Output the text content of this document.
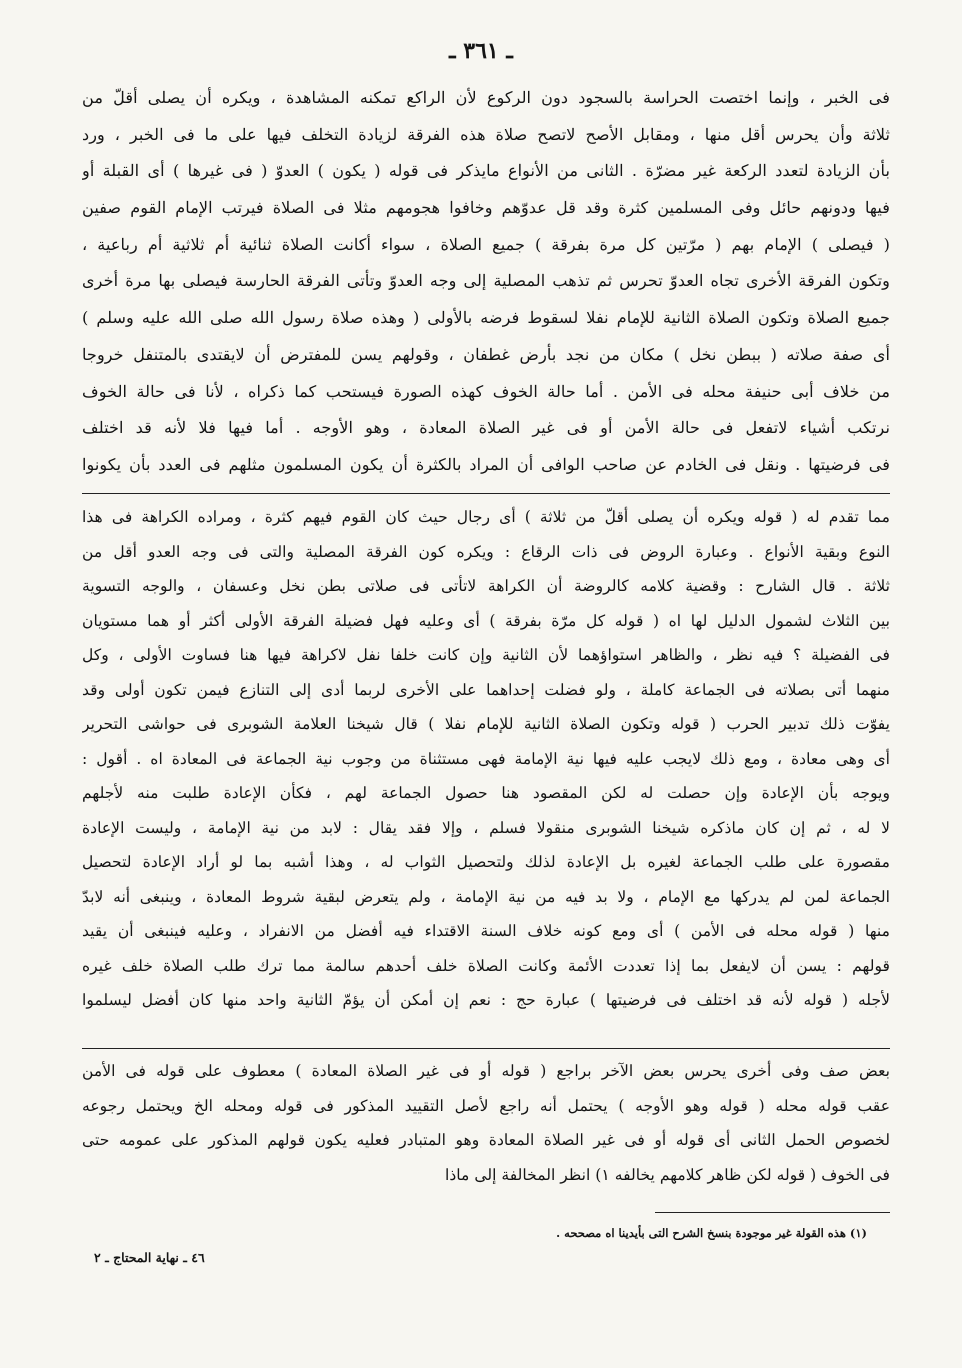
ـ ٣٦١ ـ
فى الخبر ، وإنما اختصت الحراسة بالسجود دون الركوع لأن الراكع تمكنه المشاهدة ، ويكره أن يصلى أقلّ من
ثلاثة وأن يحرس أقل منها ، ومقابل الأصح لاتصح صلاة هذه الفرقة لزيادة التخلف فيها على ما فى الخبر ، ورد
بأن الزيادة لتعدد الركعة غير مضرّة . الثانى من الأنواع مايذكر فى قوله ( يكون ) العدوّ ( فى غيرها ) أى القبلة أو
فيها ودونهم حائل وفى المسلمين كثرة وقد قل عدوّهم وخافوا هجومهم مثلا فى الصلاة فيرتب الإمام القوم صفين
( فيصلى ) الإمام بهم ( مرّتين كل مرة بفرقة ) جميع الصلاة ، سواء أكانت الصلاة ثنائية أم ثلاثية أم رباعية ،
وتكون الفرقة الأخرى تجاه العدوّ تحرس ثم تذهب المصلية إلى وجه العدوّ وتأتى الفرقة الحارسة فيصلى بها مرة أخرى
جميع الصلاة وتكون الصلاة الثانية للإمام نفلا لسقوط فرضه بالأولى ( وهذه صلاة رسول الله صلى الله عليه وسلم )
أى صفة صلاته ( ببطن نخل ) مكان من نجد بأرض غطفان ، وقولهم يسن للمفترض أن لايقتدى بالمتنفل خروجا
من خلاف أبى حنيفة محله فى الأمن . أما حالة الخوف كهذه الصورة فيستحب كما ذكراه ، لأنا فى حالة الخوف
نرتكب أشياء لاتفعل فى حالة الأمن أو فى غير الصلاة المعادة ، وهو الأوجه . أما فيها فلا لأنه قد اختلف
فى فرضيتها . ونقل فى الخادم عن صاحب الوافى أن المراد بالكثرة أن يكون المسلمون مثلهم فى العدد بأن يكونوا
مما تقدم له ( قوله ويكره أن يصلى أقلّ من ثلاثة ) أى رجال حيث كان القوم فيهم كثرة ، ومراده الكراهة فى هذا
النوع وبقية الأنواع . وعبارة الروض فى ذات الرقاع : ويكره كون الفرقة المصلية والتى فى وجه العدو أقل من
ثلاثة . قال الشارح : وقضية كلامه كالروضة أن الكراهة لاتأتى فى صلاتى بطن نخل وعسفان ، والوجه التسوية
بين الثلاث لشمول الدليل لها اه ( قوله كل مرّة بفرقة ) أى وعليه فهل فضيلة الفرقة الأولى أكثر أو هما مستويان
فى الفضيلة ؟ فيه نظر ، والظاهر استواؤهما لأن الثانية وإن كانت خلفا نفل لاكراهة فيها هنا فساوت الأولى ، وكل
منهما أتى بصلاته فى الجماعة كاملة ، ولو فضلت إحداهما على الأخرى لربما أدى إلى التنازع فيمن تكون أولى وقد
يفوّت ذلك تدبير الحرب ( قوله وتكون الصلاة الثانية للإمام نفلا ) قال شيخنا العلامة الشوبرى فى حواشى التحرير
أى وهى معادة ، ومع ذلك لايجب عليه فيها نية الإمامة فهى مستثناة من وجوب نية الجماعة فى المعادة اه . أقول :
ويوجه بأن الإعادة وإن حصلت له لكن المقصود هنا حصول الجماعة لهم ، فكأن الإعادة طلبت منه لأجلهم
لا له ، ثم إن كان ماذكره شيخنا الشوبرى منقولا فسلم ، وإلا فقد يقال : لابد من نية الإمامة ، وليست الإعادة
مقصورة على طلب الجماعة لغيره بل الإعادة لذلك ولتحصيل الثواب له ، وهذا أشبه بما لو أراد الإعادة لتحصيل
الجماعة لمن لم يدركها مع الإمام ، ولا بد فيه من نية الإمامة ، ولم يتعرض لبقية شروط المعادة ، وينبغى أنه لابدّ
منها ( قوله محله فى الأمن ) أى ومع كونه خلاف السنة الاقتداء فيه أفضل من الانفراد ، وعليه فينبغى أن يقيد
قولهم : يسن أن لايفعل بما إذا تعددت الأئمة وكانت الصلاة خلف أحدهم سالمة مما ترك طلب الصلاة خلف غيره
لأجله ( قوله لأنه قد اختلف فى فرضيتها ) عبارة حج : نعم إن أمكن أن يؤمّ الثانية واحد منها كان أفضل ليسلموا
بعض صف وفى أخرى يحرس بعض الآخر براجع ( قوله أو فى غير الصلاة المعادة ) معطوف على قوله فى الأمن
عقب قوله محله ( قوله وهو الأوجه ) يحتمل أنه راجع لأصل التقييد المذكور فى قوله ومحله الخ ويحتمل رجوعه
لخصوص الحمل الثانى أى قوله أو فى غير الصلاة المعادة وهو المتبادر فعليه يكون قولهم المذكور على عمومه حتى
فى الخوف ( قوله لكن ظاهر كلامهم يخالفه ١) انظر المخالفة إلى ماذا
(١) هذه القولة غير موجودة بنسخ الشرح التى بأيدينا اه مصححه .
٤٦ ـ نهاية المحتاج ـ ٢
